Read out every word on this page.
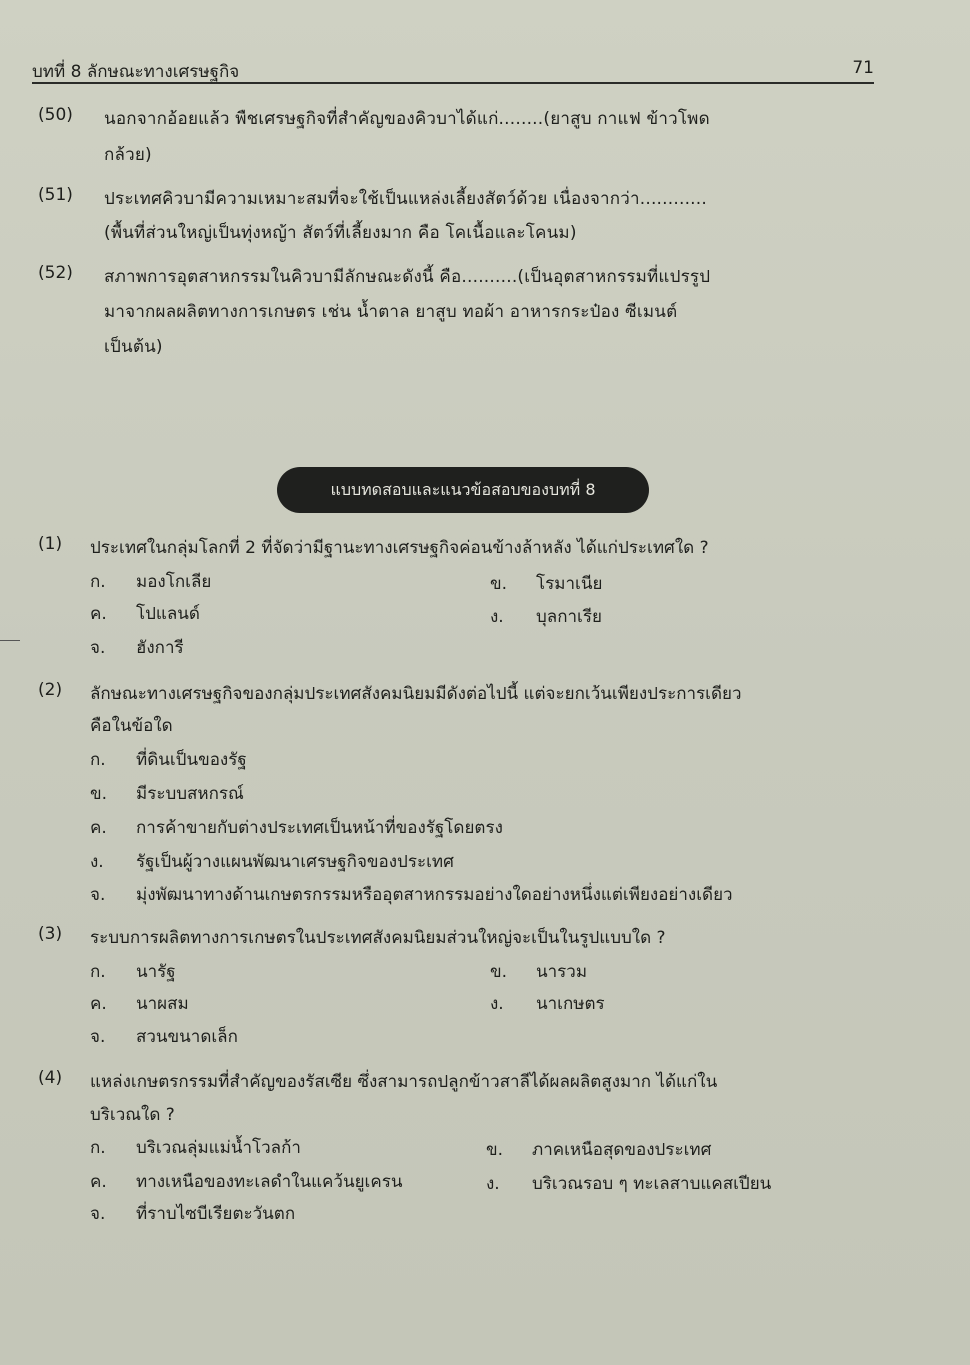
บทที่ 8 ลักษณะทางเศรษฐกิจ	71
(50) นอกจากอ้อยแล้ว พืชเศรษฐกิจที่สำคัญของคิวบาได้แก่........(ยาสูบ กาแฟ ข้าวโพด
กล้วย)
(51) ประเทศคิวบามีความเหมาะสมที่จะใช้เป็นแหล่งเลี้ยงสัตว์ด้วย เนื่องจากว่า............
(พื้นที่ส่วนใหญ่เป็นทุ่งหญ้า สัตว์ที่เลี้ยงมาก คือ โคเนื้อและโคนม)
(52) สภาพการอุตสาหกรรมในคิวบามีลักษณะดังนี้ คือ..........(เป็นอุตสาหกรรมที่แปรรูป
มาจากผลผลิตทางการเกษตร เช่น น้ำตาล ยาสูบ ทอผ้า อาหารกระป๋อง ซีเมนต์
เป็นต้น)
แบบทดสอบและแนวข้อสอบของบทที่ 8
(1) ประเทศในกลุ่มโลกที่ 2 ที่จัดว่ามีฐานะทางเศรษฐกิจค่อนข้างล้าหลัง ได้แก่ประเทศใด ?
ก. มองโกเลีย	ข. โรมาเนีย
ค. โปแลนด์	ง. บุลกาเรีย
จ. ฮังการี
(2) ลักษณะทางเศรษฐกิจของกลุ่มประเทศสังคมนิยมมีดังต่อไปนี้ แต่จะยกเว้นเพียงประการเดียว
คือในข้อใด
ก. ที่ดินเป็นของรัฐ
ข. มีระบบสหกรณ์
ค. การค้าขายกับต่างประเทศเป็นหน้าที่ของรัฐโดยตรง
ง. รัฐเป็นผู้วางแผนพัฒนาเศรษฐกิจของประเทศ
จ. มุ่งพัฒนาทางด้านเกษตรกรรมหรืออุตสาหกรรมอย่างใดอย่างหนึ่งแต่เพียงอย่างเดียว
(3) ระบบการผลิตทางการเกษตรในประเทศสังคมนิยมส่วนใหญ่จะเป็นในรูปแบบใด ?
ก. นารัฐ	ข. นารวม
ค. นาผสม	ง. นาเกษตร
จ. สวนขนาดเล็ก
(4) แหล่งเกษตรกรรมที่สำคัญของรัสเซีย ซึ่งสามารถปลูกข้าวสาลีได้ผลผลิตสูงมาก ได้แก่ใน
บริเวณใด ?
ก. บริเวณลุ่มแม่น้ำโวลก้า	ข. ภาคเหนือสุดของประเทศ
ค. ทางเหนือของทะเลดำในแคว้นยูเครน	ง. บริเวณรอบ ๆ ทะเลสาบแคสเปียน
จ. ที่ราบไซบีเรียตะวันตก
